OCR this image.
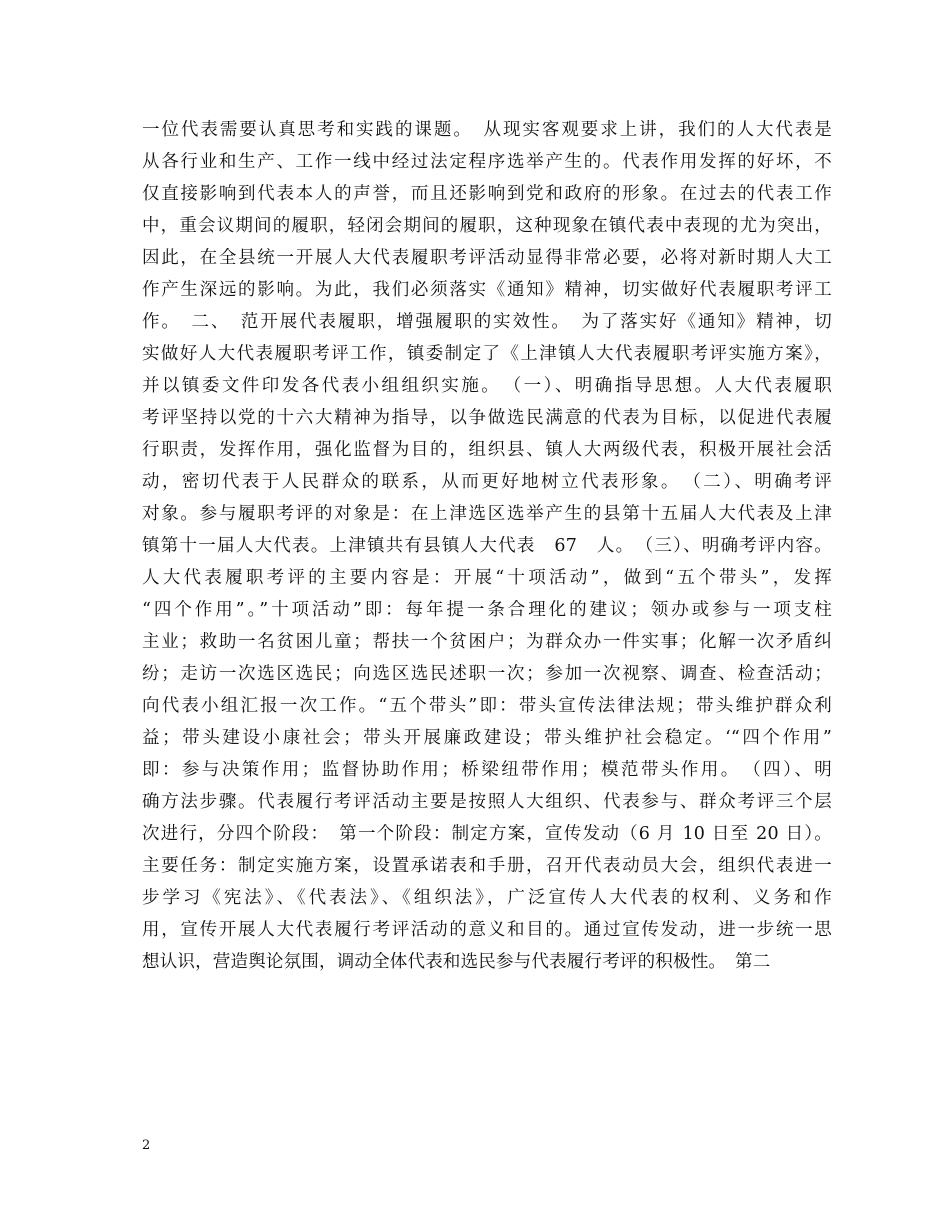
一位代表需要认真思考和实践的课题。　从现实客观要求上讲，我们的人大代表是
从各行业和生产、工作一线中经过法定程序选举产生的。代表作用发挥的好坏，不
仅直接影响到代表本人的声誉，而且还影响到党和政府的形象。在过去的代表工作
中，重会议期间的履职，轻闭会期间的履职，这种现象在镇代表中表现的尤为突出，
因此，在全县统一开展人大代表履职考评活动显得非常必要，必将对新时期人大工
作产生深远的影响。为此，我们必须落实《通知》精神，切实做好代表履职考评工
作。　二、　范开展代表履职，增强履职的实效性。　为了落实好《通知》精神，切
实做好人大代表履职考评工作，镇委制定了《上津镇人大代表履职考评实施方案》，
并以镇委文件印发各代表小组组织实施。　（一）、明确指导思想。人大代表履职
考评坚持以党的十六大精神为指导，以争做选民满意的代表为目标，以促进代表履
行职责，发挥作用，强化监督为目的，组织县、镇人大两级代表，积极开展社会活
动，密切代表于人民群众的联系，从而更好地树立代表形象。　（二）、明确考评
对象。参与履职考评的对象是：在上津选区选举产生的县第十五届人大代表及上津
镇第十一届人大代表。上津镇共有县镇人大代表　67　人。　（三）、明确考评内容。
人大代表履职考评的主要内容是：开展“十项活动”，做到“五个带头”，发挥
“四个作用”。”十项活动”即：每年提一条合理化的建议；领办或参与一项支柱
主业；救助一名贫困儿童；帮扶一个贫困户；为群众办一件实事；化解一次矛盾纠
纷；走访一次选区选民；向选区选民述职一次；参加一次视察、调查、检查活动；
向代表小组汇报一次工作。“五个带头”即：带头宣传法律法规；带头维护群众利
益；带头建设小康社会；带头开展廉政建设；带头维护社会稳定。‘“四个作用”
即：参与决策作用；监督协助作用；桥梁纽带作用；模范带头作用。　（四）、明
确方法步骤。代表履行考评活动主要是按照人大组织、代表参与、群众考评三个层
次进行，分四个阶段：　第一个阶段：制定方案，宣传发动（6 月 10 日至 20 日）。
主要任务：制定实施方案，设置承诺表和手册，召开代表动员大会，组织代表进一
步学习《宪法》、《代表法》、《组织法》，广泛宣传人大代表的权利、义务和作
用，宣传开展人大代表履行考评活动的意义和目的。通过宣传发动，进一步统一思
想认识，营造舆论氛围，调动全体代表和选民参与代表履行考评的积极性。　第二
2
